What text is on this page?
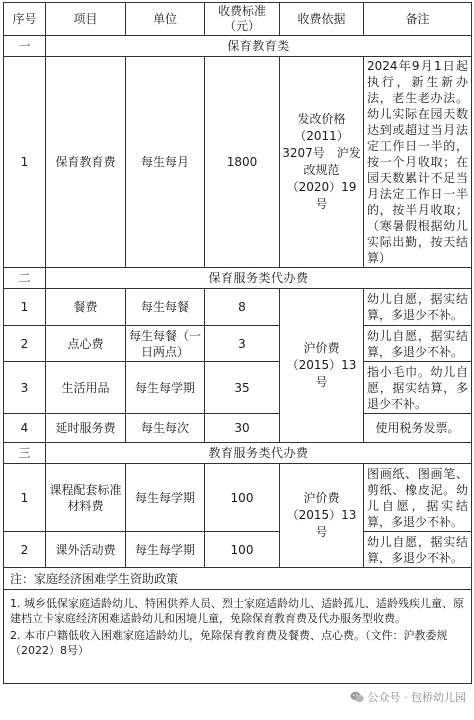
序号	项目	单位	收费标准（元）	收费依据	备注
一	保育教育类				
1	保育教育费	每生每月	1800	发改价格（2011）3207号　沪发改规范（2020）19号	2024年9月1日起执行，新生新办法，老生老办法。幼儿实际在园天数达到或超过当月法定工作日一半的，按一个月收取；在园天数累计不足当月法定工作日一半的，按半月收取；（寒暑假根据幼儿实际出勤，按天结算）
二	保育服务类代办费				
1	餐费	每生每餐	8	沪价费（2015）13号	幼儿自愿，据实结算，多退少不补。
2	点心费	每生每餐（一日两点）	3		幼儿自愿，据实结算，多退少不补。
3	生活用品	每生每学期	35		指小毛巾。幼儿自愿，据实结算，多退少不补。
4	延时服务费	每生每次	30		使用税务发票。
三	教育服务类代办费				
1	课程配套标准材料费	每生每学期	100	沪价费（2015）13号	图画纸、图画笔、剪纸、橡皮泥。幼儿自愿，据实结算，多退少不补。
2	课外活动费	每生每学期	100		幼儿自愿，据实结算，多退少不补。
注：家庭经济困难学生资助政策					

1. 城乡低保家庭适龄幼儿、特困供养人员、烈士家庭适龄幼儿、适龄孤儿、适龄残疾儿童、原建档立卡家庭经济困难适龄幼儿和困境儿童，免除保育教育费及代办服务型收费。

2. 本市户籍低收入困难家庭适龄幼儿，免除保育教育费及餐费、点心费。（文件：沪教委规（2022）8号）					

公众号 · 包桥幼儿园
